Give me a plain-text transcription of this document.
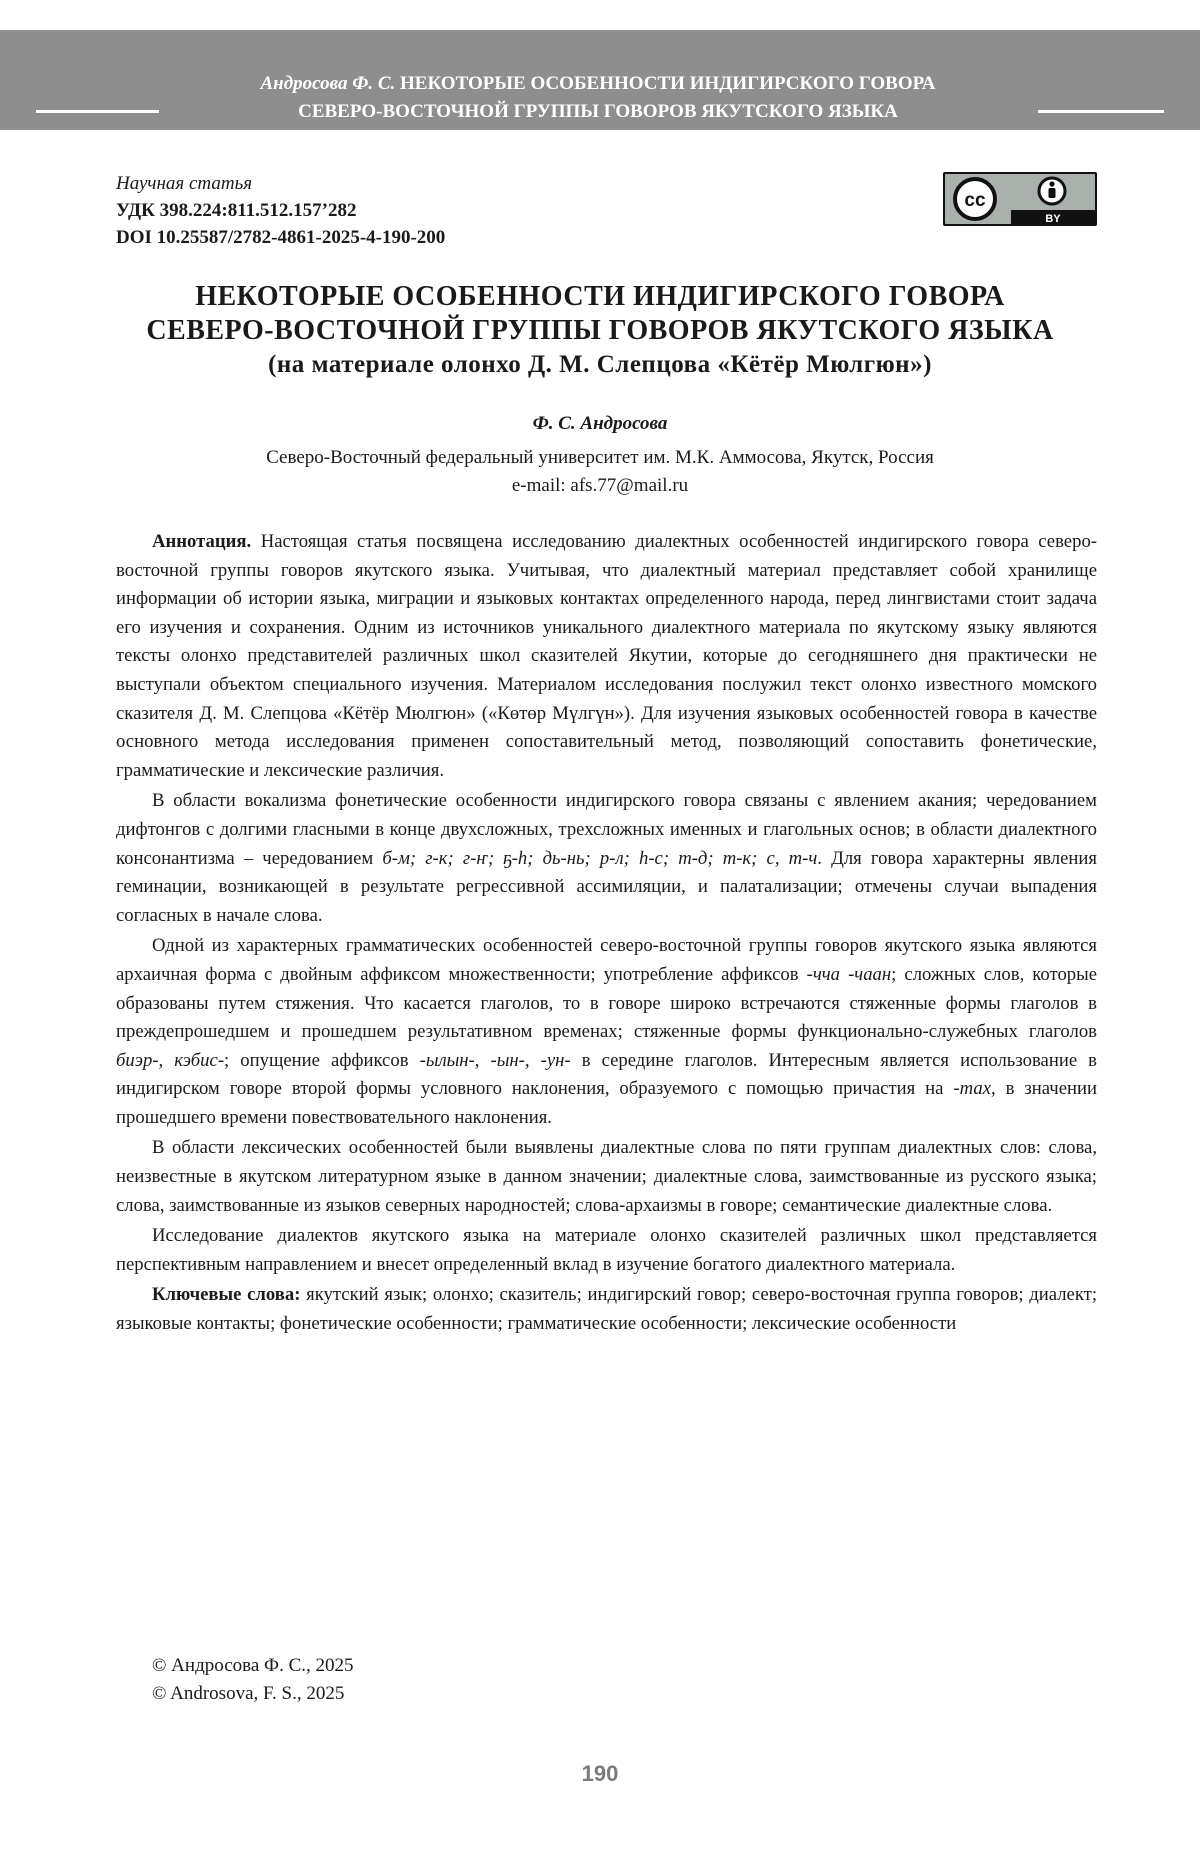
Андросова Ф. С. НЕКОТОРЫЕ ОСОБЕННОСТИ ИНДИГИРСКОГО ГОВОРА
СЕВЕРО-ВОСТОЧНОЙ ГРУППЫ ГОВОРОВ ЯКУТСКОГО ЯЗЫКА
(на материале олонхо Д.М. Слепцова «Кётёр Мюлгюн»)
Научная статья
УДК 398.224:811.512.157’282
DOI 10.25587/2782-4861-2025-4-190-200
cc
BY
НЕКОТОРЫЕ ОСОБЕННОСТИ ИНДИГИРСКОГО ГОВОРА
СЕВЕРО-ВОСТОЧНОЙ ГРУППЫ ГОВОРОВ ЯКУТСКОГО ЯЗЫКА
(на материале олонхо Д. М. Слепцова «Кётёр Мюлгюн»)
Ф. С. Андросова
Северо-Восточный федеральный университет им. М.К. Аммосова, Якутск, Россия
e-mail: afs.77@mail.ru

Аннотация. Настоящая статья посвящена исследованию диалектных особенностей индигирского говора северо-восточной группы говоров якутского языка. Учитывая, что диалектный материал представляет собой хранилище информации об истории языка, миграции и языковых контактах определенного народа, перед лингвистами стоит задача его изучения и сохранения. Одним из источников уникального диалектного материала по якутскому языку являются тексты олонхо представителей различных школ сказителей Якутии, которые до сегодняшнего дня практически не выступали объектом специального изучения. Материалом исследования послужил текст олонхо известного момского сказителя Д. М. Слепцова «Кётёр Мюлгюн» («Көтөр Мүлгүн»). Для изучения языковых особенностей говора в качестве основного метода исследования применен сопоставительный метод, позволяющий сопоставить фонетические, грамматические и лексические различия.

В области вокализма фонетические особенности индигирского говора связаны с явлением акания; чередованием дифтонгов с долгими гласными в конце двухсложных, трехсложных именных и глагольных основ; в области диалектного консонантизма – чередованием б-м; г-к; г-ҥ; ҕ-һ; дь-нь; р-л; һ-с; т-д; т-к; с, т-ч. Для говора характерны явления геминации, возникающей в результате регрессивной ассимиляции, и палатализации; отмечены случаи выпадения согласных в начале слова.

Одной из характерных грамматических особенностей северо-восточной группы говоров якутского языка являются архаичная форма с двойным аффиксом множественности; употребление аффиксов -чча -чаан; сложных слов, которые образованы путем стяжения. Что касается глаголов, то в говоре широко встречаются стяженные формы глаголов в преждепрошедшем и прошедшем результативном временах; стяженные формы функционально-служебных глаголов биэр-, кэбис-; опущение аффиксов -ылын-, -ын-, -ун- в середине глаголов. Интересным является использование в индигирском говоре второй формы условного наклонения, образуемого с помощью причастия на -тах, в значении прошедшего времени повествовательного наклонения.

В области лексических особенностей были выявлены диалектные слова по пяти группам диалектных слов: слова, неизвестные в якутском литературном языке в данном значении; диалектные слова, заимствованные из русского языка; слова, заимствованные из языков северных народностей; слова-архаизмы в говоре; семантические диалектные слова.

Исследование диалектов якутского языка на материале олонхо сказителей различных школ представляется перспективным направлением и внесет определенный вклад в изучение богатого диалектного материала.

Ключевые слова: якутский язык; олонхо; сказитель; индигирский говор; северо-восточная группа говоров; диалект; языковые контакты; фонетические особенности; грамматические особенности; лексические особенности

© Андросова Ф. С., 2025
© Androsova, F. S., 2025
190
